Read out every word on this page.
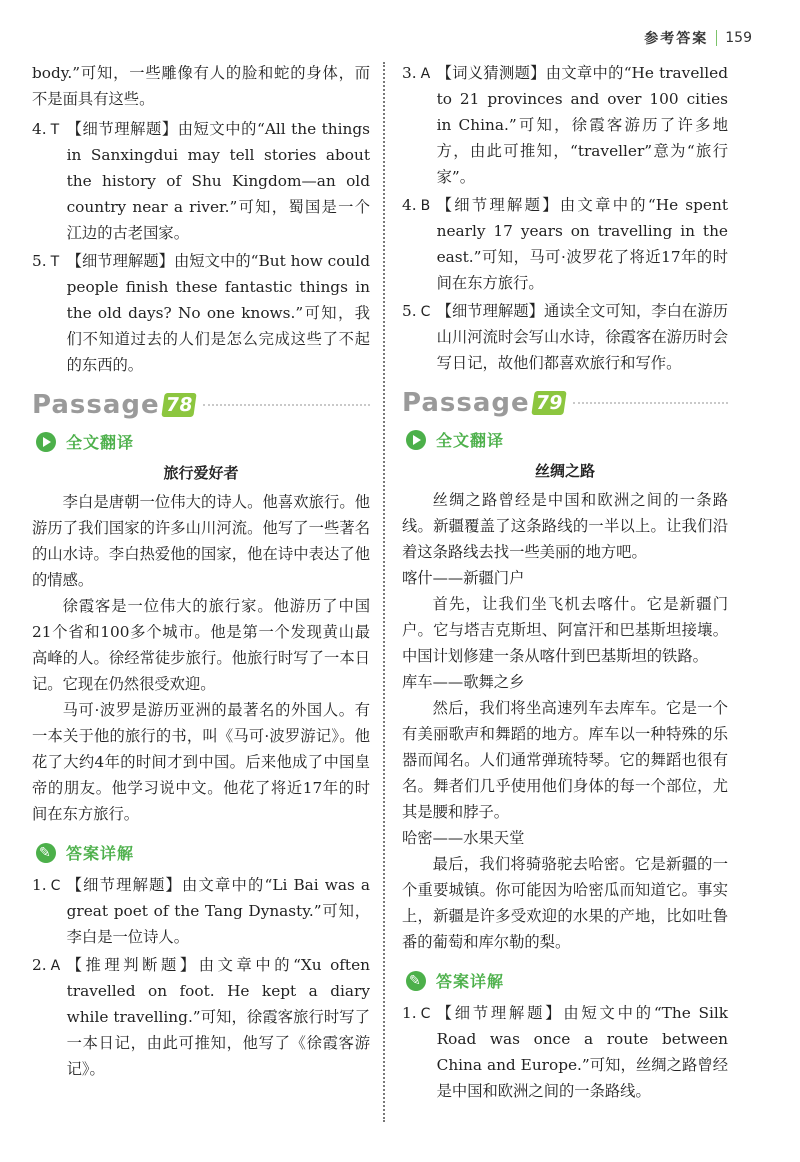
参考答案 159

body.”可知，一些雕像有人的脸和蛇的身体，而不是面具有这些。

4. T 【细节理解题】由短文中的“All the things in Sanxingdui may tell stories about the history of Shu Kingdom—an old country near a river.”可知，蜀国是一个江边的古老国家。
5. T 【细节理解题】由短文中的“But how could people finish these fantastic things in the old days? No one knows.”可知，我们不知道过去的人们是怎么完成这些了不起的东西的。
Passage 78
全文翻译
旅行爱好者

李白是唐朝一位伟大的诗人。他喜欢旅行。他游历了我们国家的许多山川河流。他写了一些著名的山水诗。李白热爱他的国家，他在诗中表达了他的情感。

徐霞客是一位伟大的旅行家。他游历了中国21个省和100多个城市。他是第一个发现黄山最高峰的人。徐经常徒步旅行。他旅行时写了一本日记。它现在仍然很受欢迎。

马可·波罗是游历亚洲的最著名的外国人。有一本关于他的旅行的书，叫《马可·波罗游记》。他花了大约4年的时间才到中国。后来他成了中国皇帝的朋友。他学习说中文。他花了将近17年的时间在东方旅行。

✎
答案详解
1. C 【细节理解题】由文章中的“Li Bai was a great poet of the Tang Dynasty.”可知，李白是一位诗人。
2. A 【推理判断题】由文章中的“Xu often travelled on foot. He kept a diary while travelling.”可知，徐霞客旅行时写了一本日记，由此可推知，他写了《徐霞客游记》。
3. A 【词义猜测题】由文章中的“He travelled to 21 provinces and over 100 cities in China.”可知，徐霞客游历了许多地方，由此可推知，“traveller”意为“旅行家”。
4. B 【细节理解题】由文章中的“He spent nearly 17 years on travelling in the east.”可知，马可·波罗花了将近17年的时间在东方旅行。
5. C 【细节理解题】通读全文可知，李白在游历山川河流时会写山水诗，徐霞客在游历时会写日记，故他们都喜欢旅行和写作。
Passage 79
全文翻译
丝绸之路

丝绸之路曾经是中国和欧洲之间的一条路线。新疆覆盖了这条路线的一半以上。让我们沿着这条路线去找一些美丽的地方吧。

喀什——新疆门户

首先，让我们坐飞机去喀什。它是新疆门户。它与塔吉克斯坦、阿富汗和巴基斯坦接壤。中国计划修建一条从喀什到巴基斯坦的铁路。

库车——歌舞之乡

然后，我们将坐高速列车去库车。它是一个有美丽歌声和舞蹈的地方。库车以一种特殊的乐器而闻名。人们通常弹琉特琴。它的舞蹈也很有名。舞者们几乎使用他们身体的每一个部位，尤其是腰和脖子。

哈密——水果天堂

最后，我们将骑骆驼去哈密。它是新疆的一个重要城镇。你可能因为哈密瓜而知道它。事实上，新疆是许多受欢迎的水果的产地，比如吐鲁番的葡萄和库尔勒的梨。

✎
答案详解
1. C 【细节理解题】由短文中的“The Silk Road was once a route between China and Europe.”可知，丝绸之路曾经是中国和欧洲之间的一条路线。
